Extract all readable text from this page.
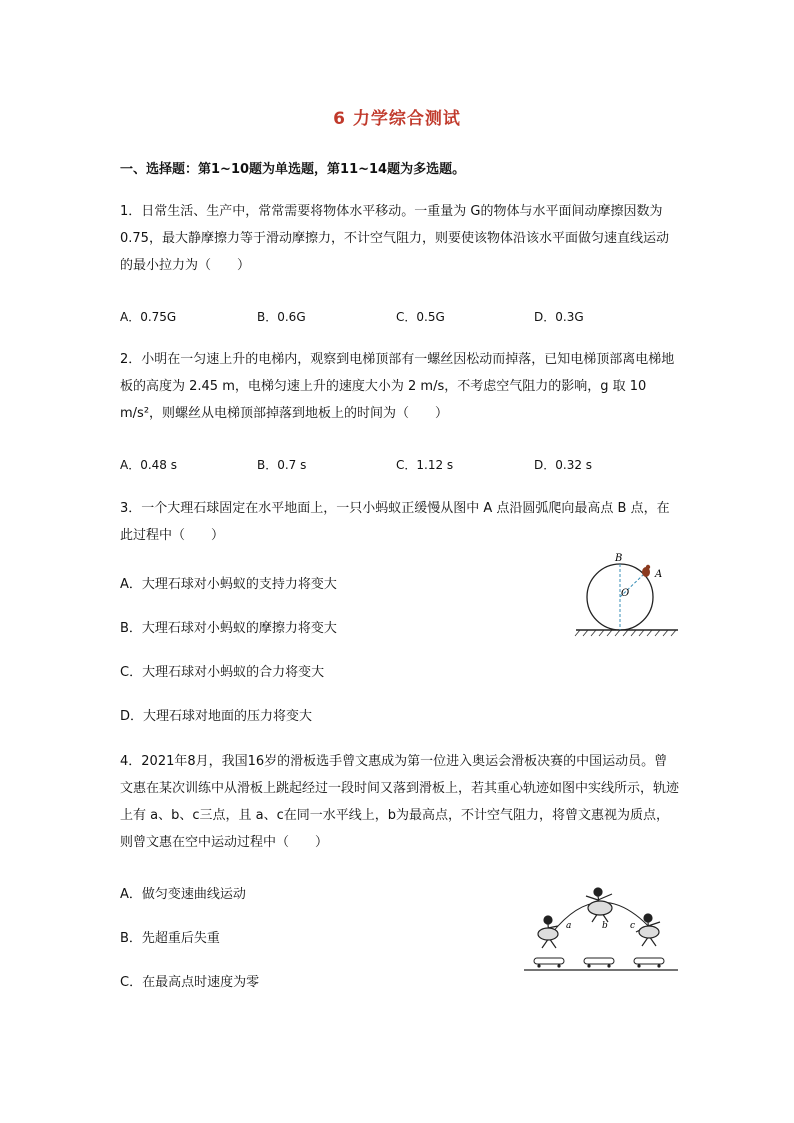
6 力学综合测试
一、选择题：第1~10题为单选题，第11~14题为多选题。
1．日常生活、生产中，常常需要将物体水平移动。一重量为 G的物体与水平面间动摩擦因数为 0.75，最大静摩擦力等于滑动摩擦力，不计空气阻力，则要使该物体沿该水平面做匀速直线运动的最小拉力为（　　）
A．0.75G	B．0.6G	C．0.5G	D．0.3G
2．小明在一匀速上升的电梯内，观察到电梯顶部有一螺丝因松动而掉落，已知电梯顶部离电梯地板的高度为 2.45 m，电梯匀速上升的速度大小为 2 m/s，不考虑空气阻力的影响，g 取 10 m/s²，则螺丝从电梯顶部掉落到地板上的时间为（　　）
A．0.48 s	B．0.7 s	C．1.12 s	D．0.32 s
3．一个大理石球固定在水平地面上，一只小蚂蚁正缓慢从图中 A 点沿圆弧爬向最高点 B 点，在此过程中（　　）
A．大理石球对小蚂蚁的支持力将变大
B．大理石球对小蚂蚁的摩擦力将变大
C．大理石球对小蚂蚁的合力将变大
D．大理石球对地面的压力将变大
B
A
O
4．2021年8月，我国16岁的滑板选手曾文惠成为第一位进入奥运会滑板决赛的中国运动员。曾文惠在某次训练中从滑板上跳起经过一段时间又落到滑板上，若其重心轨迹如图中实线所示，轨迹上有 a、b、c三点，且 a、c在同一水平线上，b为最高点，不计空气阻力，将曾文惠视为质点，则曾文惠在空中运动过程中（　　）
A．做匀变速曲线运动
B．先超重后失重
C．在最高点时速度为零
a	b c
